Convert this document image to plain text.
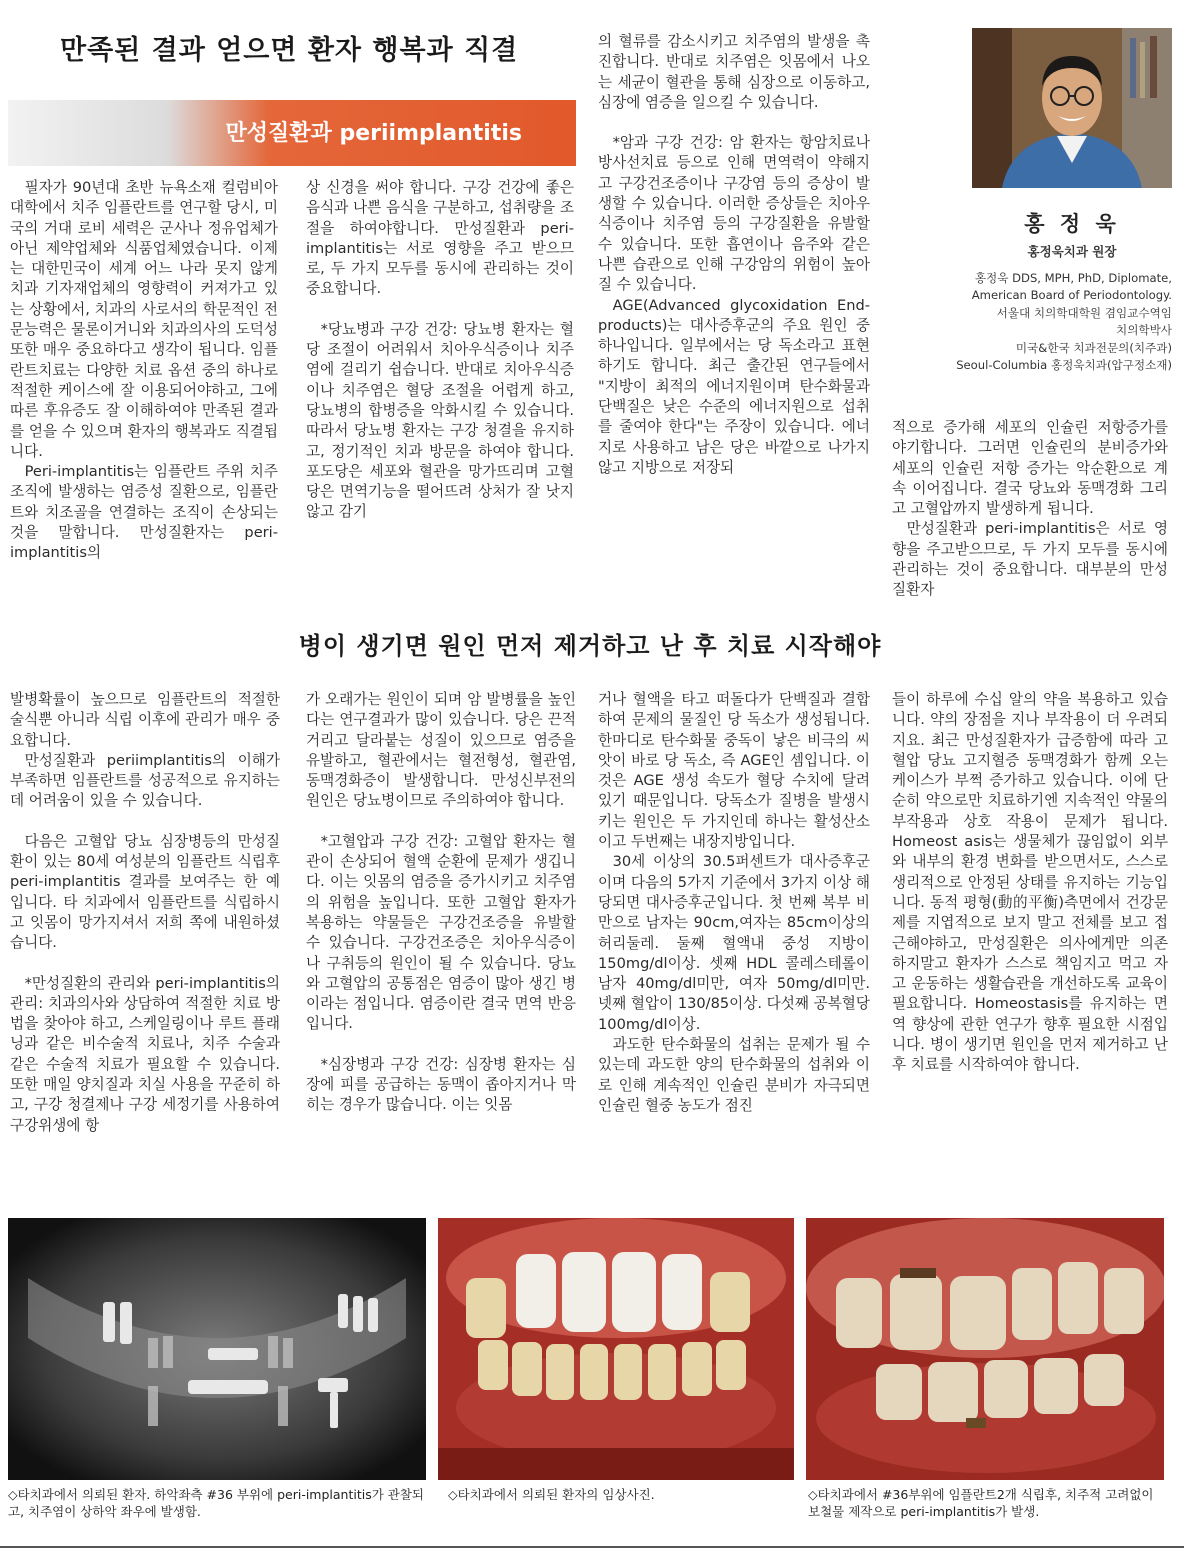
만족된 결과 얻으면 환자 행복과 직결
만성질환과 periimplantitis

필자가 90년대 초반 뉴욕소재 컬럼비아대학에서 치주 임플란트를 연구할 당시, 미국의 거대 로비 세력은 군사나 정유업체가 아닌 제약업체와 식품업체였습니다. 이제는 대한민국이 세계 어느 나라 못지 않게 치과 기자재업체의 영향력이 커져가고 있는 상황에서, 치과의 사로서의 학문적인 전문능력은 물론이거니와 치과의사의 도덕성 또한 매우 중요하다고 생각이 됩니다. 임플란트치료는 다양한 치료 옵션 중의 하나로 적절한 케이스에 잘 이용되어야하고, 그에 따른 후유증도 잘 이해하여야 만족된 결과를 얻을 수 있으며 환자의 행복과도 직결됩니다.

Peri-implantitis는 임플란트 주위 치주조직에 발생하는 염증성 질환으로, 임플란트와 치조골을 연결하는 조직이 손상되는 것을 말합니다. 만성질환자는 peri-implantitis의

상 신경을 써야 합니다. 구강 건강에 좋은 음식과 나쁜 음식을 구분하고, 섭취량을 조절을 하여야합니다. 만성질환과 peri-implantitis는 서로 영향을 주고 받으므로, 두 가지 모두를 동시에 관리하는 것이 중요합니다.

*당뇨병과 구강 건강: 당뇨병 환자는 혈당 조절이 어려워서 치아우식증이나 치주염에 걸리기 쉽습니다. 반대로 치아우식증이나 치주염은 혈당 조절을 어렵게 하고, 당뇨병의 합병증을 악화시킬 수 있습니다. 따라서 당뇨병 환자는 구강 청결을 유지하고, 정기적인 치과 방문을 하여야 합니다. 포도당은 세포와 혈관을 망가뜨리며 고혈당은 면역기능을 떨어뜨려 상처가 잘 낫지 않고 감기

의 혈류를 감소시키고 치주염의 발생을 촉진합니다. 반대로 치주염은 잇몸에서 나오는 세균이 혈관을 통해 심장으로 이동하고, 심장에 염증을 일으킬 수 있습니다.

*암과 구강 건강: 암 환자는 항암치료나 방사선치료 등으로 인해 면역력이 약해지고 구강건조증이나 구강염 등의 증상이 발생할 수 있습니다. 이러한 증상들은 치아우식증이나 치주염 등의 구강질환을 유발할 수 있습니다. 또한 흡연이나 음주와 같은 나쁜 습관으로 인해 구강암의 위험이 높아질 수 있습니다.

AGE(Advanced glycoxidation End-products)는 대사증후군의 주요 원인 중 하나입니다. 일부에서는 당 독소라고 표현하기도 합니다. 최근 출간된 연구들에서 "지방이 최적의 에너지원이며 탄수화물과 단백질은 낮은 수준의 에너지원으로 섭취를 줄여야 한다"는 주장이 있습니다. 에너지로 사용하고 남은 당은 바깥으로 나가지 않고 지방으로 저장되

홍 정 욱
홍정욱치과 원장
홍정욱 DDS, MPH, PhD, Diplomate,
American Board of Periodontology.
서울대 치의학대학원 겸임교수역임
치의학박사
미국&한국 치과전문의(치주과)
Seoul-Columbia 홍정욱치과(압구정소재)

적으로 증가해 세포의 인슐린 저항증가를 야기합니다. 그러면 인슐린의 분비증가와 세포의 인슐린 저항 증가는 악순환으로 계속 이어집니다. 결국 당뇨와 동맥경화 그리고 고혈압까지 발생하게 됩니다.

만성질환과 peri-implantitis은 서로 영향을 주고받으므로, 두 가지 모두를 동시에 관리하는 것이 중요합니다. 대부분의 만성질환자

병이 생기면 원인 먼저 제거하고 난 후 치료 시작해야

발병확률이 높으므로 임플란트의 적절한 술식뿐 아니라 식립 이후에 관리가 매우 중요합니다.

만성질환과 periimplantitis의 이해가 부족하면 임플란트를 성공적으로 유지하는데 어려움이 있을 수 있습니다.

다음은 고혈압 당뇨 심장병등의 만성질환이 있는 80세 여성분의 임플란트 식립후 peri-implantitis 결과를 보여주는 한 예입니다. 타 치과에서 임플란트를 식립하시고 잇몸이 망가지셔서 저희 쪽에 내원하셨습니다.

*만성질환의 관리와 peri-implantitis의 관리: 치과의사와 상담하여 적절한 치료 방법을 찾아야 하고, 스케일링이나 루트 플래닝과 같은 비수술적 치료나, 치주 수술과 같은 수술적 치료가 필요할 수 있습니다. 또한 매일 양치질과 치실 사용을 꾸준히 하고, 구강 청결제나 구강 세정기를 사용하여 구강위생에 항

가 오래가는 원인이 되며 암 발병률을 높인다는 연구결과가 많이 있습니다. 당은 끈적거리고 달라붙는 성질이 있으므로 염증을 유발하고, 혈관에서는 혈전형성, 혈관염, 동맥경화증이 발생합니다. 만성신부전의 원인은 당뇨병이므로 주의하여야 합니다.

*고혈압과 구강 건강: 고혈압 환자는 혈관이 손상되어 혈액 순환에 문제가 생깁니다. 이는 잇몸의 염증을 증가시키고 치주염의 위험을 높입니다. 또한 고혈압 환자가 복용하는 약물들은 구강건조증을 유발할 수 있습니다. 구강건조증은 치아우식증이나 구취등의 원인이 될 수 있습니다. 당뇨와 고혈압의 공통점은 염증이 많아 생긴 병이라는 점입니다. 염증이란 결국 면역 반응입니다.

*심장병과 구강 건강: 심장병 환자는 심장에 피를 공급하는 동맥이 좁아지거나 막히는 경우가 많습니다. 이는 잇몸

거나 혈액을 타고 떠돌다가 단백질과 결합하여 문제의 물질인 당 독소가 생성됩니다. 한마디로 탄수화물 중독이 낳은 비극의 씨앗이 바로 당 독소, 즉 AGE인 셈입니다. 이것은 AGE 생성 속도가 혈당 수치에 달려 있기 때문입니다. 당독소가 질병을 발생시키는 원인은 두 가지인데 하나는 활성산소이고 두번째는 내장지방입니다.

30세 이상의 30.5퍼센트가 대사증후군이며 다음의 5가지 기준에서 3가지 이상 해당되면 대사증후군입니다. 첫 번째 복부 비만으로 남자는 90cm,여자는 85cm이상의 허리둘레. 둘째 혈액내 중성 지방이 150mg/dl이상. 셋째 HDL 콜레스테롤이 남자 40mg/dl미만, 여자 50mg/dl미만. 넷째 혈압이 130/85이상. 다섯째 공복혈당 100mg/dl이상.

과도한 탄수화물의 섭취는 문제가 될 수 있는데 과도한 양의 탄수화물의 섭취와 이로 인해 계속적인 인슐린 분비가 자극되면 인슐린 혈중 농도가 점진

들이 하루에 수십 알의 약을 복용하고 있습니다. 약의 장점을 지나 부작용이 더 우려되지요. 최근 만성질환자가 급증함에 따라 고혈압 당뇨 고지혈증 동맥경화가 함께 오는 케이스가 부쩍 증가하고 있습니다. 이에 단순히 약으로만 치료하기엔 지속적인 약물의 부작용과 상호 작용이 문제가 됩니다. Homeost asis는 생물체가 끊임없이 외부와 내부의 환경 변화를 받으면서도, 스스로 생리적으로 안정된 상태를 유지하는 기능입니다. 동적 평형(動的平衡)측면에서 건강문제를 지엽적으로 보지 말고 전체를 보고 접근해야하고, 만성질환은 의사에게만 의존 하지말고 환자가 스스로 책임지고 먹고 자고 운동하는 생활습관을 개선하도록 교육이 필요합니다. Homeostasis를 유지하는 면역 향상에 관한 연구가 향후 필요한 시점입니다. 병이 생기면 원인을 먼저 제거하고 난 후 치료를 시작하여야 합니다.

◇타치과에서 의뢰된 환자. 하악좌측 #36 부위에 peri-implantitis가 관찰되고, 치주염이 상하악 좌우에 발생함.
◇타치과에서 의뢰된 환자의 임상사진.	◇타치과에서 #36부위에 임플란트2개 식립후, 치주적 고려없이 보철물 제작으로 peri-implantitis가 발생.
